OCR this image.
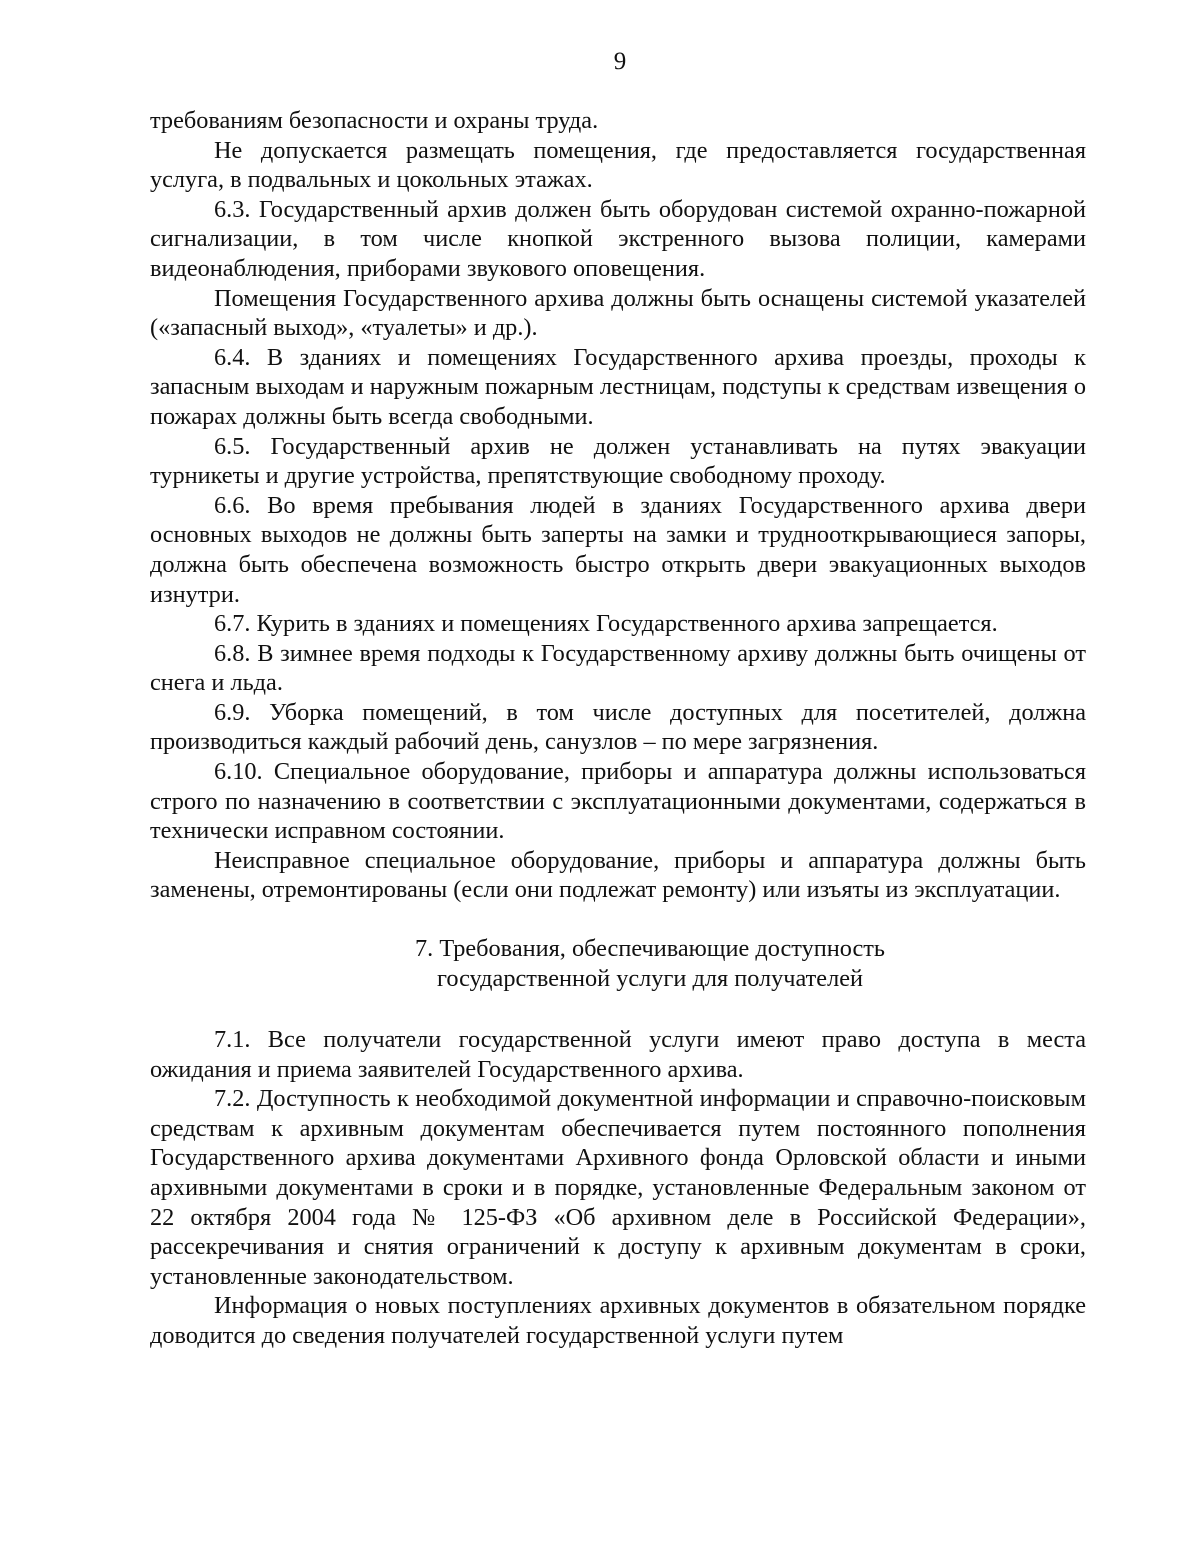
9

требованиям безопасности и охраны труда.

Не допускается размещать помещения, где предоставляется государственная услуга, в подвальных и цокольных этажах.

6.3. Государственный архив должен быть оборудован системой охранно-пожарной сигнализации, в том числе кнопкой экстренного вызова полиции, камерами видеонаблюдения, приборами звукового оповещения.

Помещения Государственного архива должны быть оснащены системой указателей («запасный выход», «туалеты» и др.).

6.4. В зданиях и помещениях Государственного архива проезды, проходы к запасным выходам и наружным пожарным лестницам, подступы к средствам извещения о пожарах должны быть всегда свободными.

6.5. Государственный архив не должен устанавливать на путях эвакуации турникеты и другие устройства, препятствующие свободному проходу.

6.6. Во время пребывания людей в зданиях Государственного архива двери основных выходов не должны быть заперты на замки и труднооткрывающиеся запоры, должна быть обеспечена возможность быстро открыть двери эвакуационных выходов изнутри.

6.7. Курить в зданиях и помещениях Государственного архива запрещается.

6.8. В зимнее время подходы к Государственному архиву должны быть очищены от снега и льда.

6.9. Уборка помещений, в том числе доступных для посетителей, должна производиться каждый рабочий день, санузлов – по мере загрязнения.

6.10. Специальное оборудование, приборы и аппаратура должны использоваться строго по назначению в соответствии с эксплуатационными документами, содержаться в технически исправном состоянии.

Неисправное специальное оборудование, приборы и аппаратура должны быть заменены, отремонтированы (если они подлежат ремонту) или изъяты из эксплуатации.

7. Требования, обеспечивающие доступность
государственной услуги для получателей

7.1. Все получатели государственной услуги имеют право доступа в места ожидания и приема заявителей Государственного архива.

7.2. Доступность к необходимой документной информации и справочно-поисковым средствам к архивным документам обеспечивается путем постоянного пополнения Государственного архива документами Архивного фонда Орловской области и иными архивными документами в сроки и в порядке, установленные Федеральным законом от 22 октября 2004 года № 125-ФЗ «Об архивном деле в Российской Федерации», рассекречивания и снятия ограничений к доступу к архивным документам в сроки, установленные законодательством.

Информация о новых поступлениях архивных документов в обязательном порядке доводится до сведения получателей государственной услуги путем
